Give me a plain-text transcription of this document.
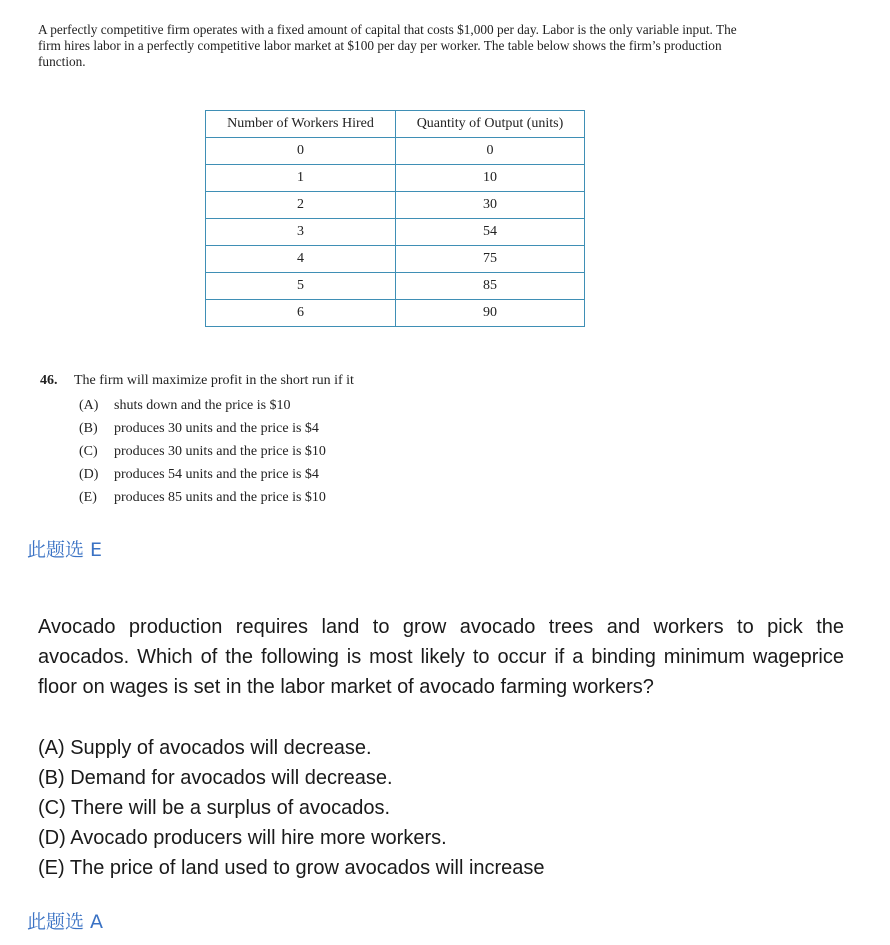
A perfectly competitive firm operates with a fixed amount of capital that costs $1,000 per day. Labor is the only variable input. The firm hires labor in a perfectly competitive labor market at $100 per day per worker. The table below shows the firm’s production function.
Number of Workers Hired	Quantity of Output (units)
0	0
1	10
2	30
3	54
4	75
5	85
6	90
46.	The firm will maximize profit in the short run if it
(A)	shuts down and the price is $10
(B)	produces 30 units and the price is $4
(C)	produces 30 units and the price is $10
(D)	produces 54 units and the price is $4
(E)	produces 85 units and the price is $10
此题选 E
Avocado production requires land to grow avocado trees and workers to pick the avocados. Which of the following is most likely to occur if a binding minimum wageprice floor on wages is set in the labor market of avocado farming workers?
(A) Supply of avocados will decrease.
(B) Demand for avocados will decrease.
(C) There will be a surplus of avocados.
(D) Avocado producers will hire more workers.
(E) The price of land used to grow avocados will increase
此题选 A
